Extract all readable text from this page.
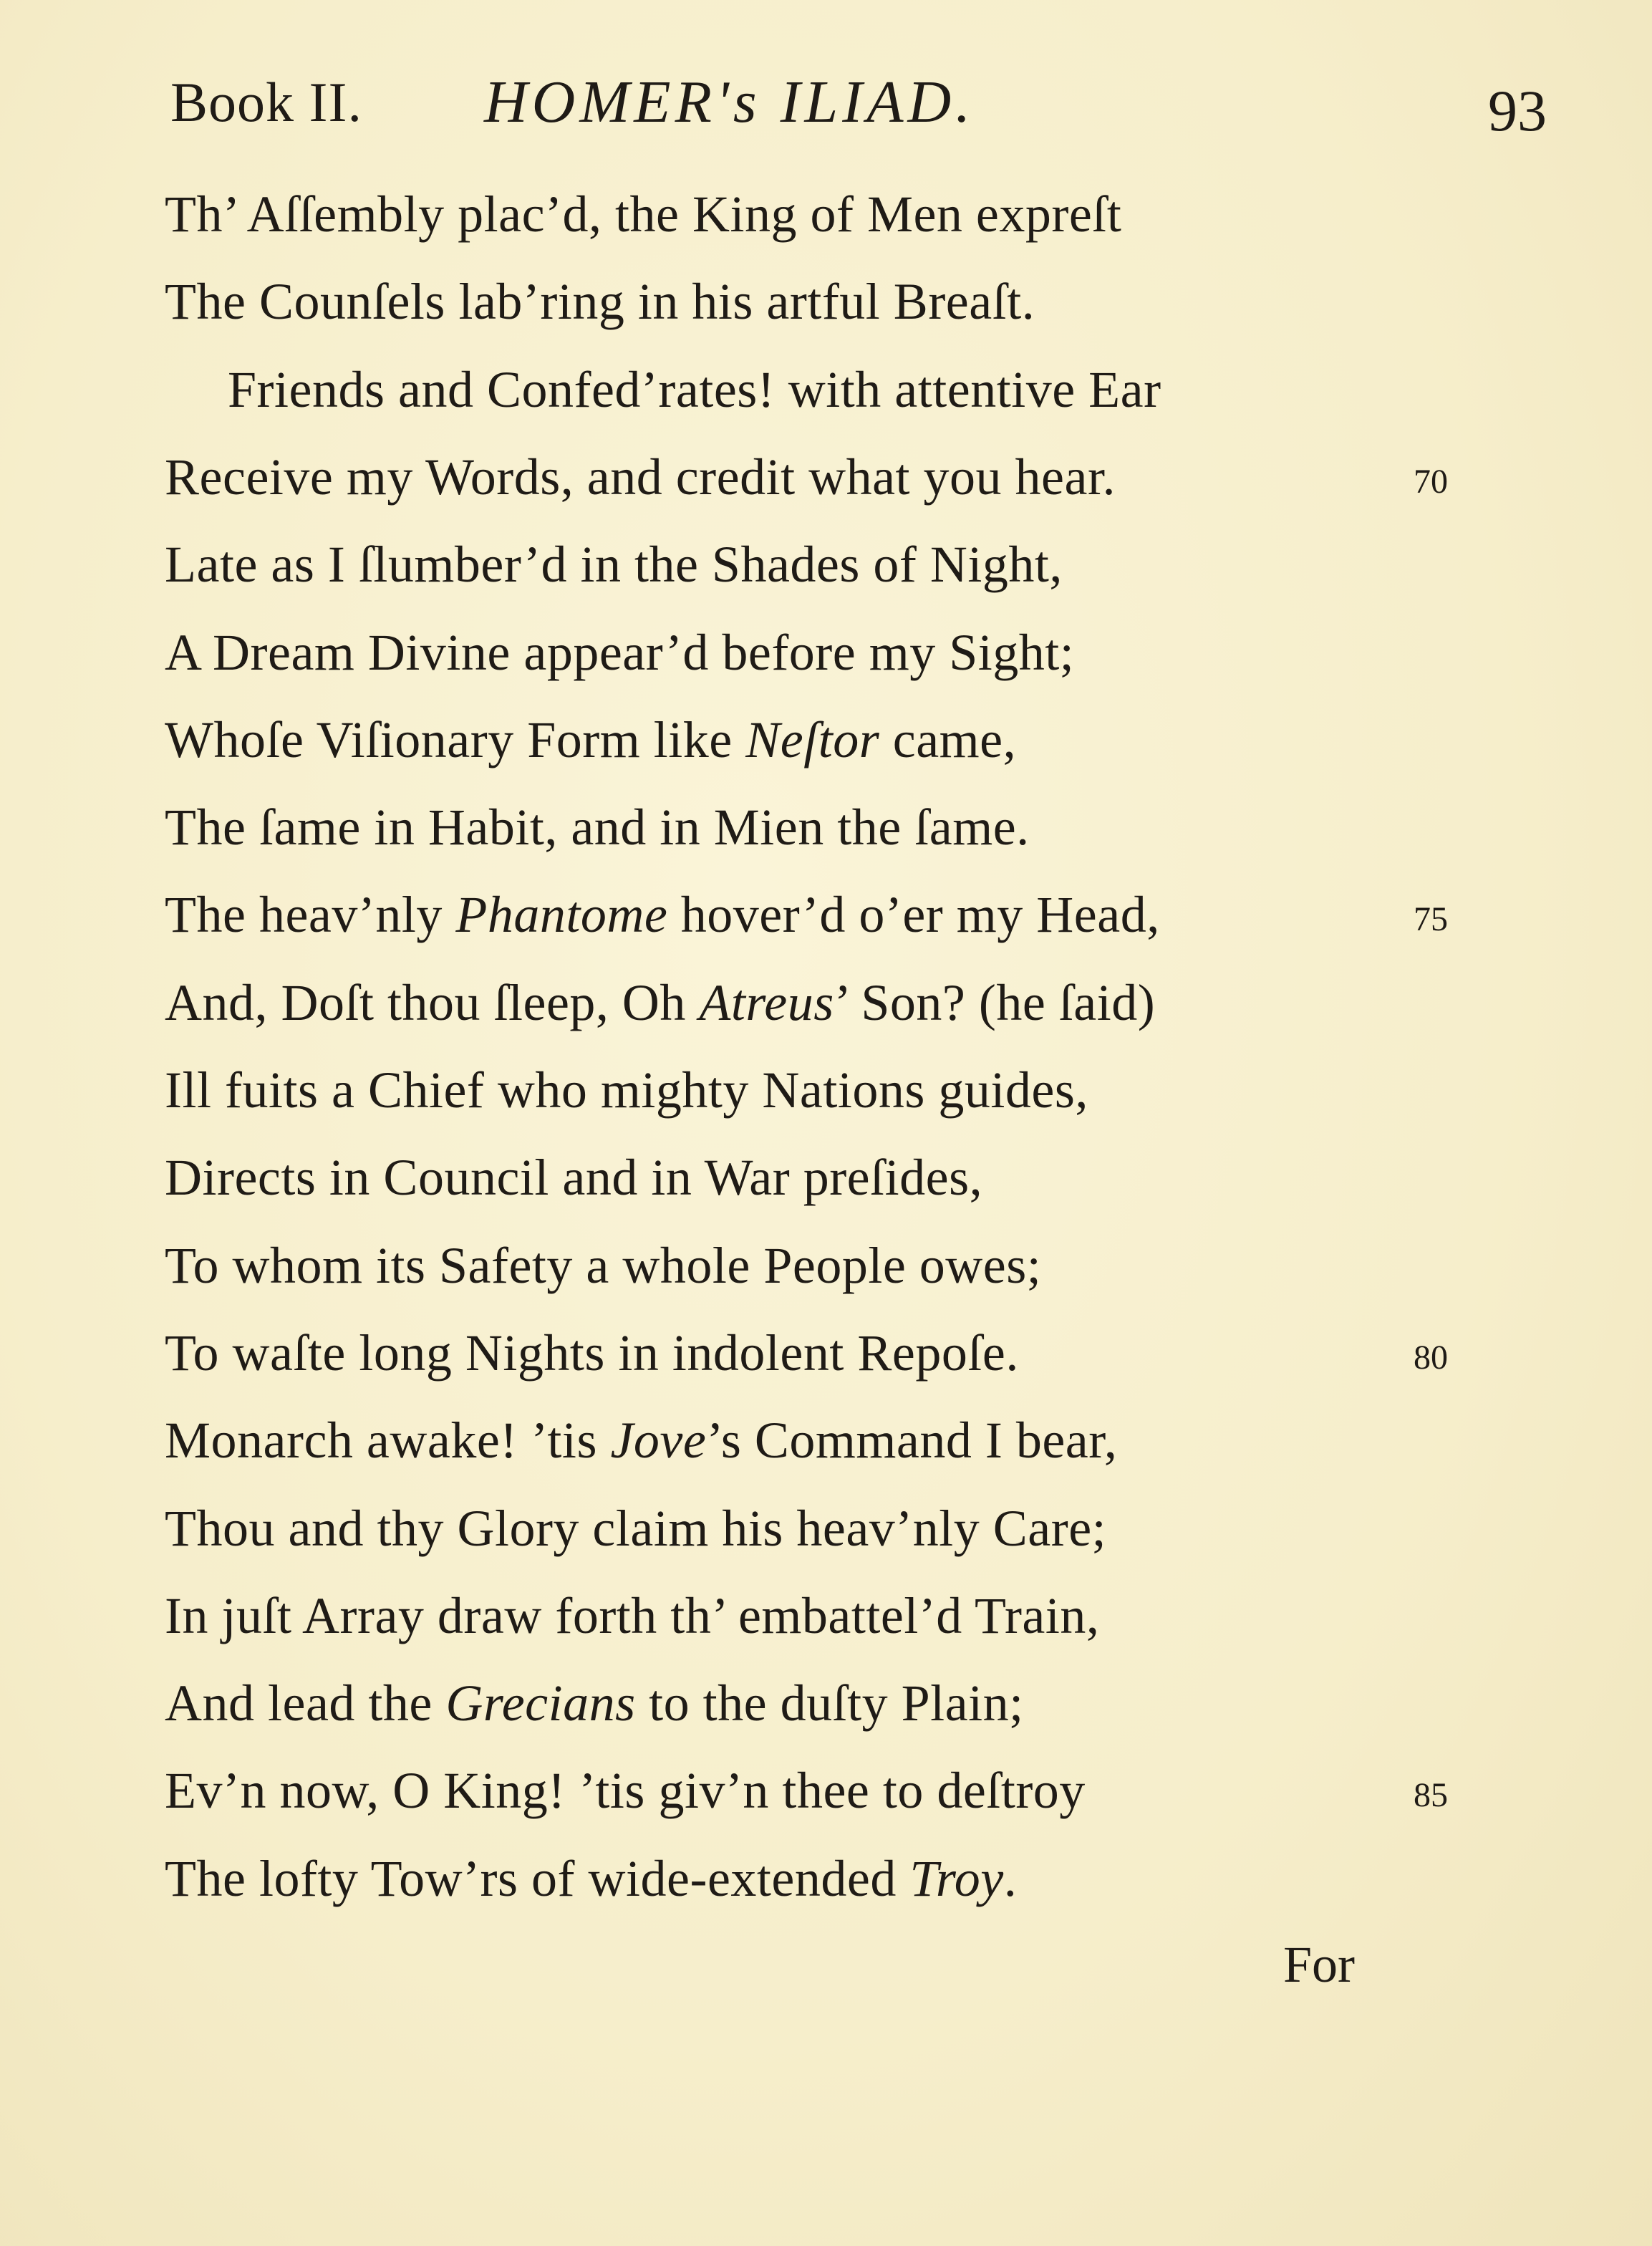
Book II. HOMER's ILIAD.	93
Th’ Aſſembly plac’d, the King of Men expreſt
The Counſels lab’ring in his artful Breaſt.
Friends and Confed’rates! with attentive Ear
Receive my Words, and credit what you hear.	70
Late as I ſlumber’d in the Shades of Night,
A Dream Divine appear’d before my Sight;
Whoſe Viſionary Form like Neſtor came,
The ſame in Habit, and in Mien the ſame.
The heav’nly Phantome hover’d o’er my Head,	75
And, Doſt thou ſleep, Oh Atreus’ Son? (he ſaid)
Ill fuits a Chief who mighty Nations guides,
Directs in Council and in War preſides,
To whom its Safety a whole People owes;
To waſte long Nights in indolent Repoſe.	80
Monarch awake! ’tis Jove’s Command I bear,
Thou and thy Glory claim his heav’nly Care;
In juſt Array draw forth th’ embattel’d Train,
And lead the Grecians to the duſty Plain;
Ev’n now, O King! ’tis giv’n thee to deſtroy	85
The lofty Tow’rs of wide-extended Troy.
For
